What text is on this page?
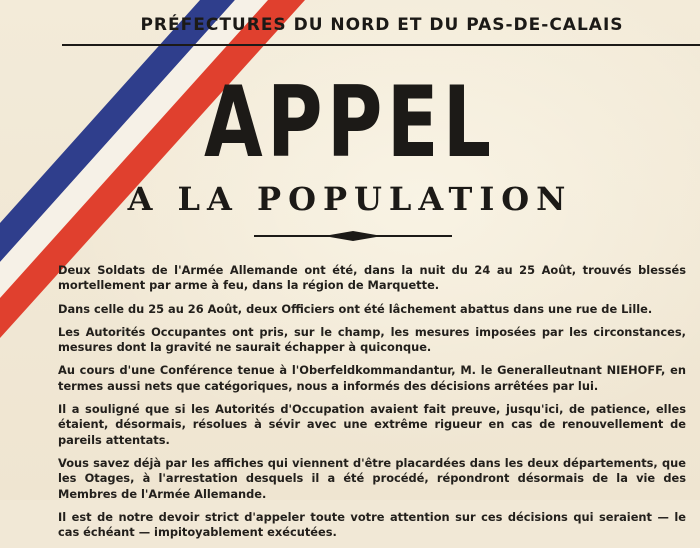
PRÉFECTURES DU NORD ET DU PAS-DE-CALAIS
APPEL
A LA POPULATION

Deux Soldats de l'Armée Allemande ont été, dans la nuit du 24 au 25 Août, trouvés blessés mortellement par arme à feu, dans la région de Marquette.

Dans celle du 25 au 26 Août, deux Officiers ont été lâchement abattus dans une rue de Lille.

Les Autorités Occupantes ont pris, sur le champ, les mesures imposées par les circonstances, mesures dont la gravité ne saurait échapper à quiconque.

Au cours d'une Conférence tenue à l'Oberfeldkommandantur, M. le Generalleutnant NIEHOFF, en termes aussi nets que catégoriques, nous a informés des décisions arrêtées par lui.

Il a souligné que si les Autorités d'Occupation avaient fait preuve, jusqu'ici, de patience, elles étaient, désormais, résolues à sévir avec une extrême rigueur en cas de renouvellement de pareils attentats.

Vous savez déjà par les affiches qui viennent d'être placardées dans les deux départements, que les Otages, à l'arrestation desquels il a été procédé, répondront désormais de la vie des Membres de l'Armée Allemande.

Il est de notre devoir strict d'appeler toute votre attention sur ces décisions qui seraient — le cas échéant — impitoyablement exécutées.
